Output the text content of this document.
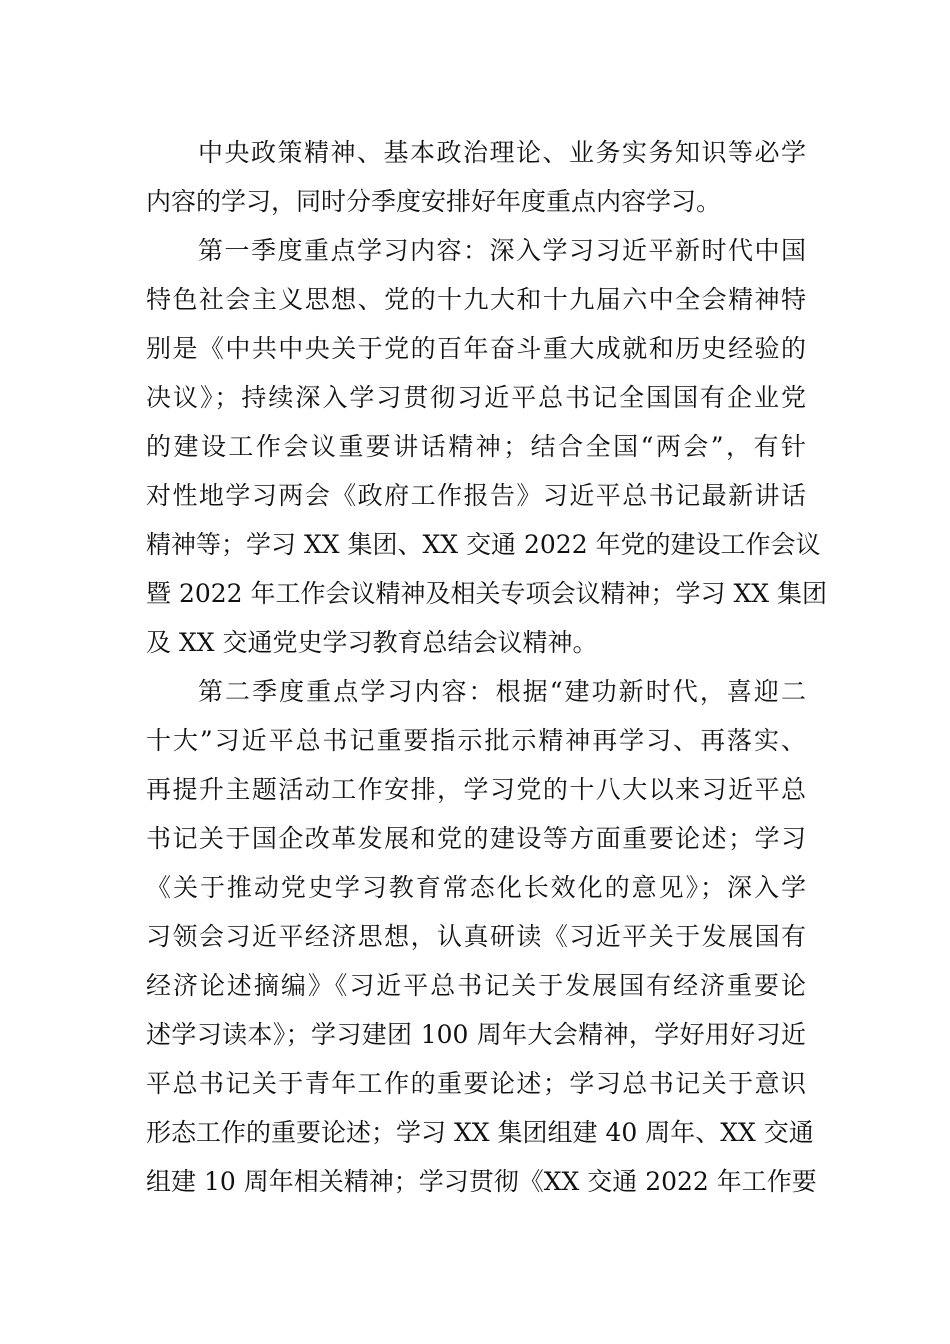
中央政策精神、基本政治理论、业务实务知识等必学
内容的学习，同时分季度安排好年度重点内容学习。
第一季度重点学习内容：深入学习习近平新时代中国
特色社会主义思想、党的十九大和十九届六中全会精神特
别是《中共中央关于党的百年奋斗重大成就和历史经验的
决议》；持续深入学习贯彻习近平总书记全国国有企业党
的建设工作会议重要讲话精神；结合全国“两会”，有针
对性地学习两会《政府工作报告》习近平总书记最新讲话
精神等；学习 XX 集团、XX 交通 2022 年党的建设工作会议
暨 2022 年工作会议精神及相关专项会议精神；学习 XX 集团
及 XX 交通党史学习教育总结会议精神。
第二季度重点学习内容：根据“建功新时代，喜迎二
十大”习近平总书记重要指示批示精神再学习、再落实、
再提升主题活动工作安排，学习党的十八大以来习近平总
书记关于国企改革发展和党的建设等方面重要论述；学习
《关于推动党史学习教育常态化长效化的意见》；深入学
习领会习近平经济思想，认真研读《习近平关于发展国有
经济论述摘编》《习近平总书记关于发展国有经济重要论
述学习读本》；学习建团 100 周年大会精神，学好用好习近
平总书记关于青年工作的重要论述；学习总书记关于意识
形态工作的重要论述；学习 XX 集团组建 40 周年、XX 交通
组建 10 周年相关精神；学习贯彻《XX 交通 2022 年工作要
